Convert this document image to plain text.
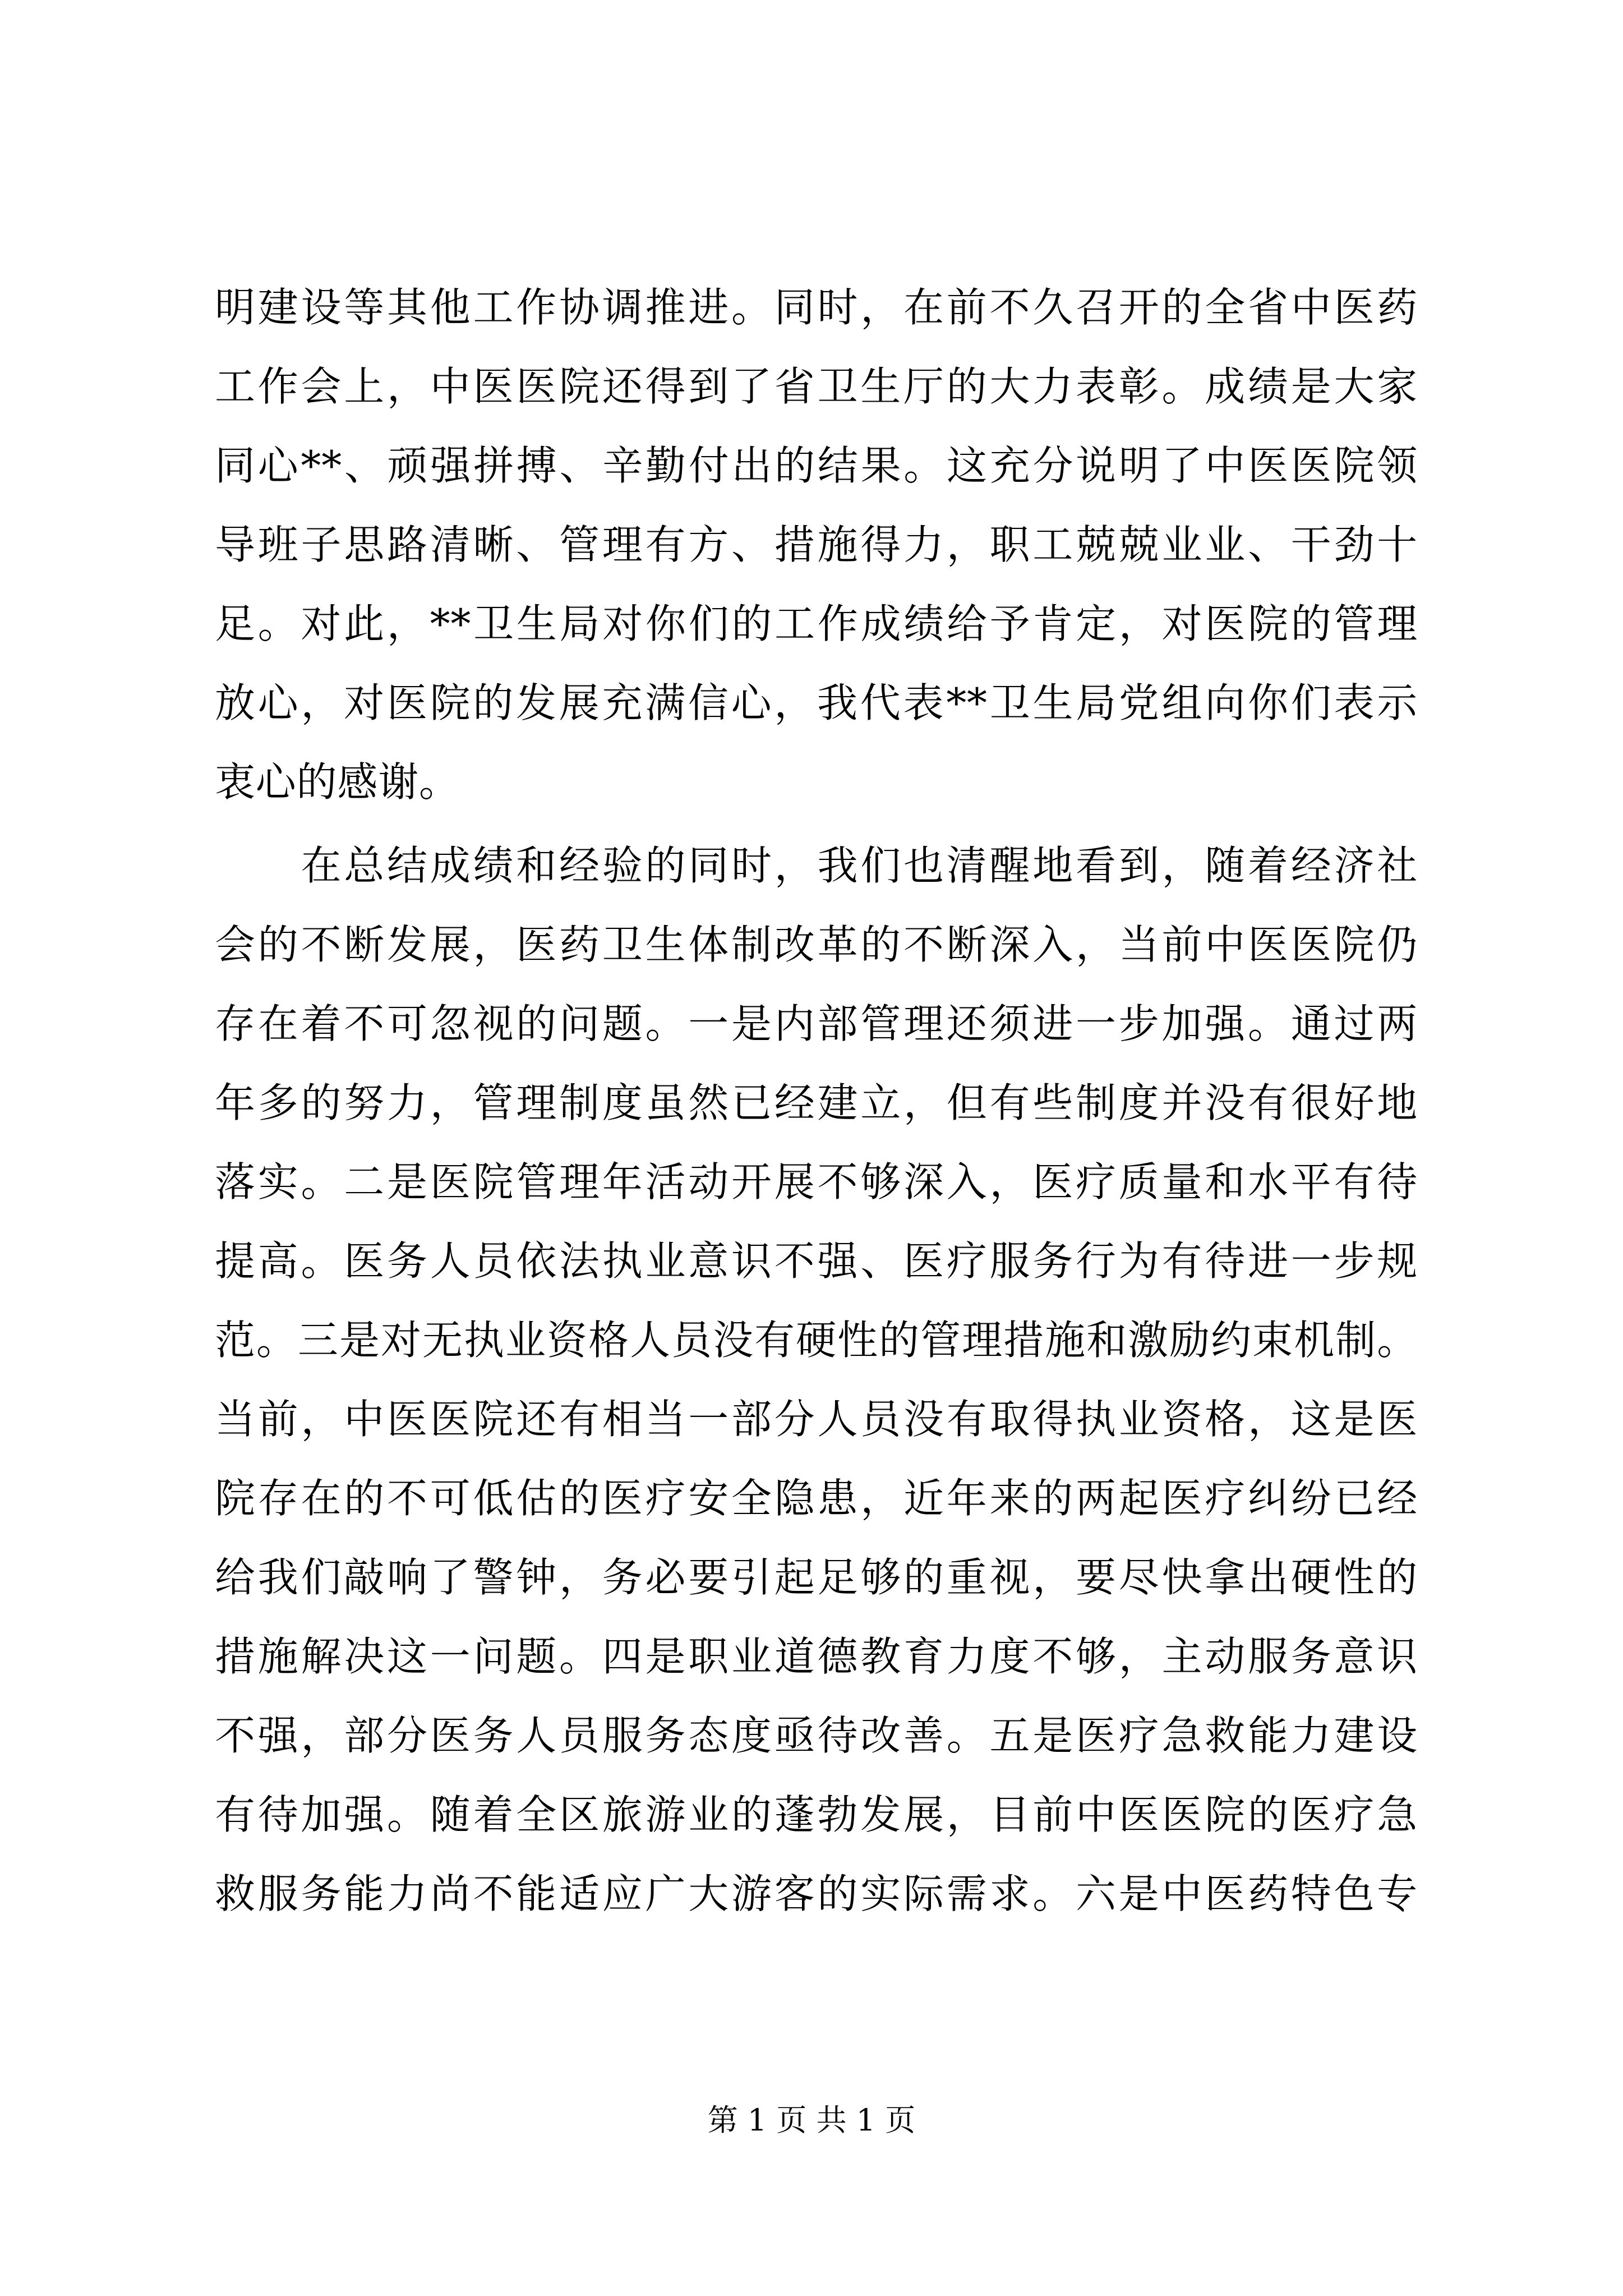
明建设等其他工作协调推进。同时，在前不久召开的全省中医药
工作会上，中医医院还得到了省卫生厅的大力表彰。成绩是大家
同心**、顽强拼搏、辛勤付出的结果。这充分说明了中医医院领
导班子思路清晰、管理有方、措施得力，职工兢兢业业、干劲十
足。对此，**卫生局对你们的工作成绩给予肯定，对医院的管理
放心，对医院的发展充满信心，我代表**卫生局党组向你们表示
衷心的感谢。
　　在总结成绩和经验的同时，我们也清醒地看到，随着经济社
会的不断发展，医药卫生体制改革的不断深入，当前中医医院仍
存在着不可忽视的问题。一是内部管理还须进一步加强。通过两
年多的努力，管理制度虽然已经建立，但有些制度并没有很好地
落实。二是医院管理年活动开展不够深入，医疗质量和水平有待
提高。医务人员依法执业意识不强、医疗服务行为有待进一步规
范。三是对无执业资格人员没有硬性的管理措施和激励约束机制。
当前，中医医院还有相当一部分人员没有取得执业资格，这是医
院存在的不可低估的医疗安全隐患，近年来的两起医疗纠纷已经
给我们敲响了警钟，务必要引起足够的重视，要尽快拿出硬性的
措施解决这一问题。四是职业道德教育力度不够，主动服务意识
不强，部分医务人员服务态度亟待改善。五是医疗急救能力建设
有待加强。随着全区旅游业的蓬勃发展，目前中医医院的医疗急
救服务能力尚不能适应广大游客的实际需求。六是中医药特色专
第 1 页 共 1 页
